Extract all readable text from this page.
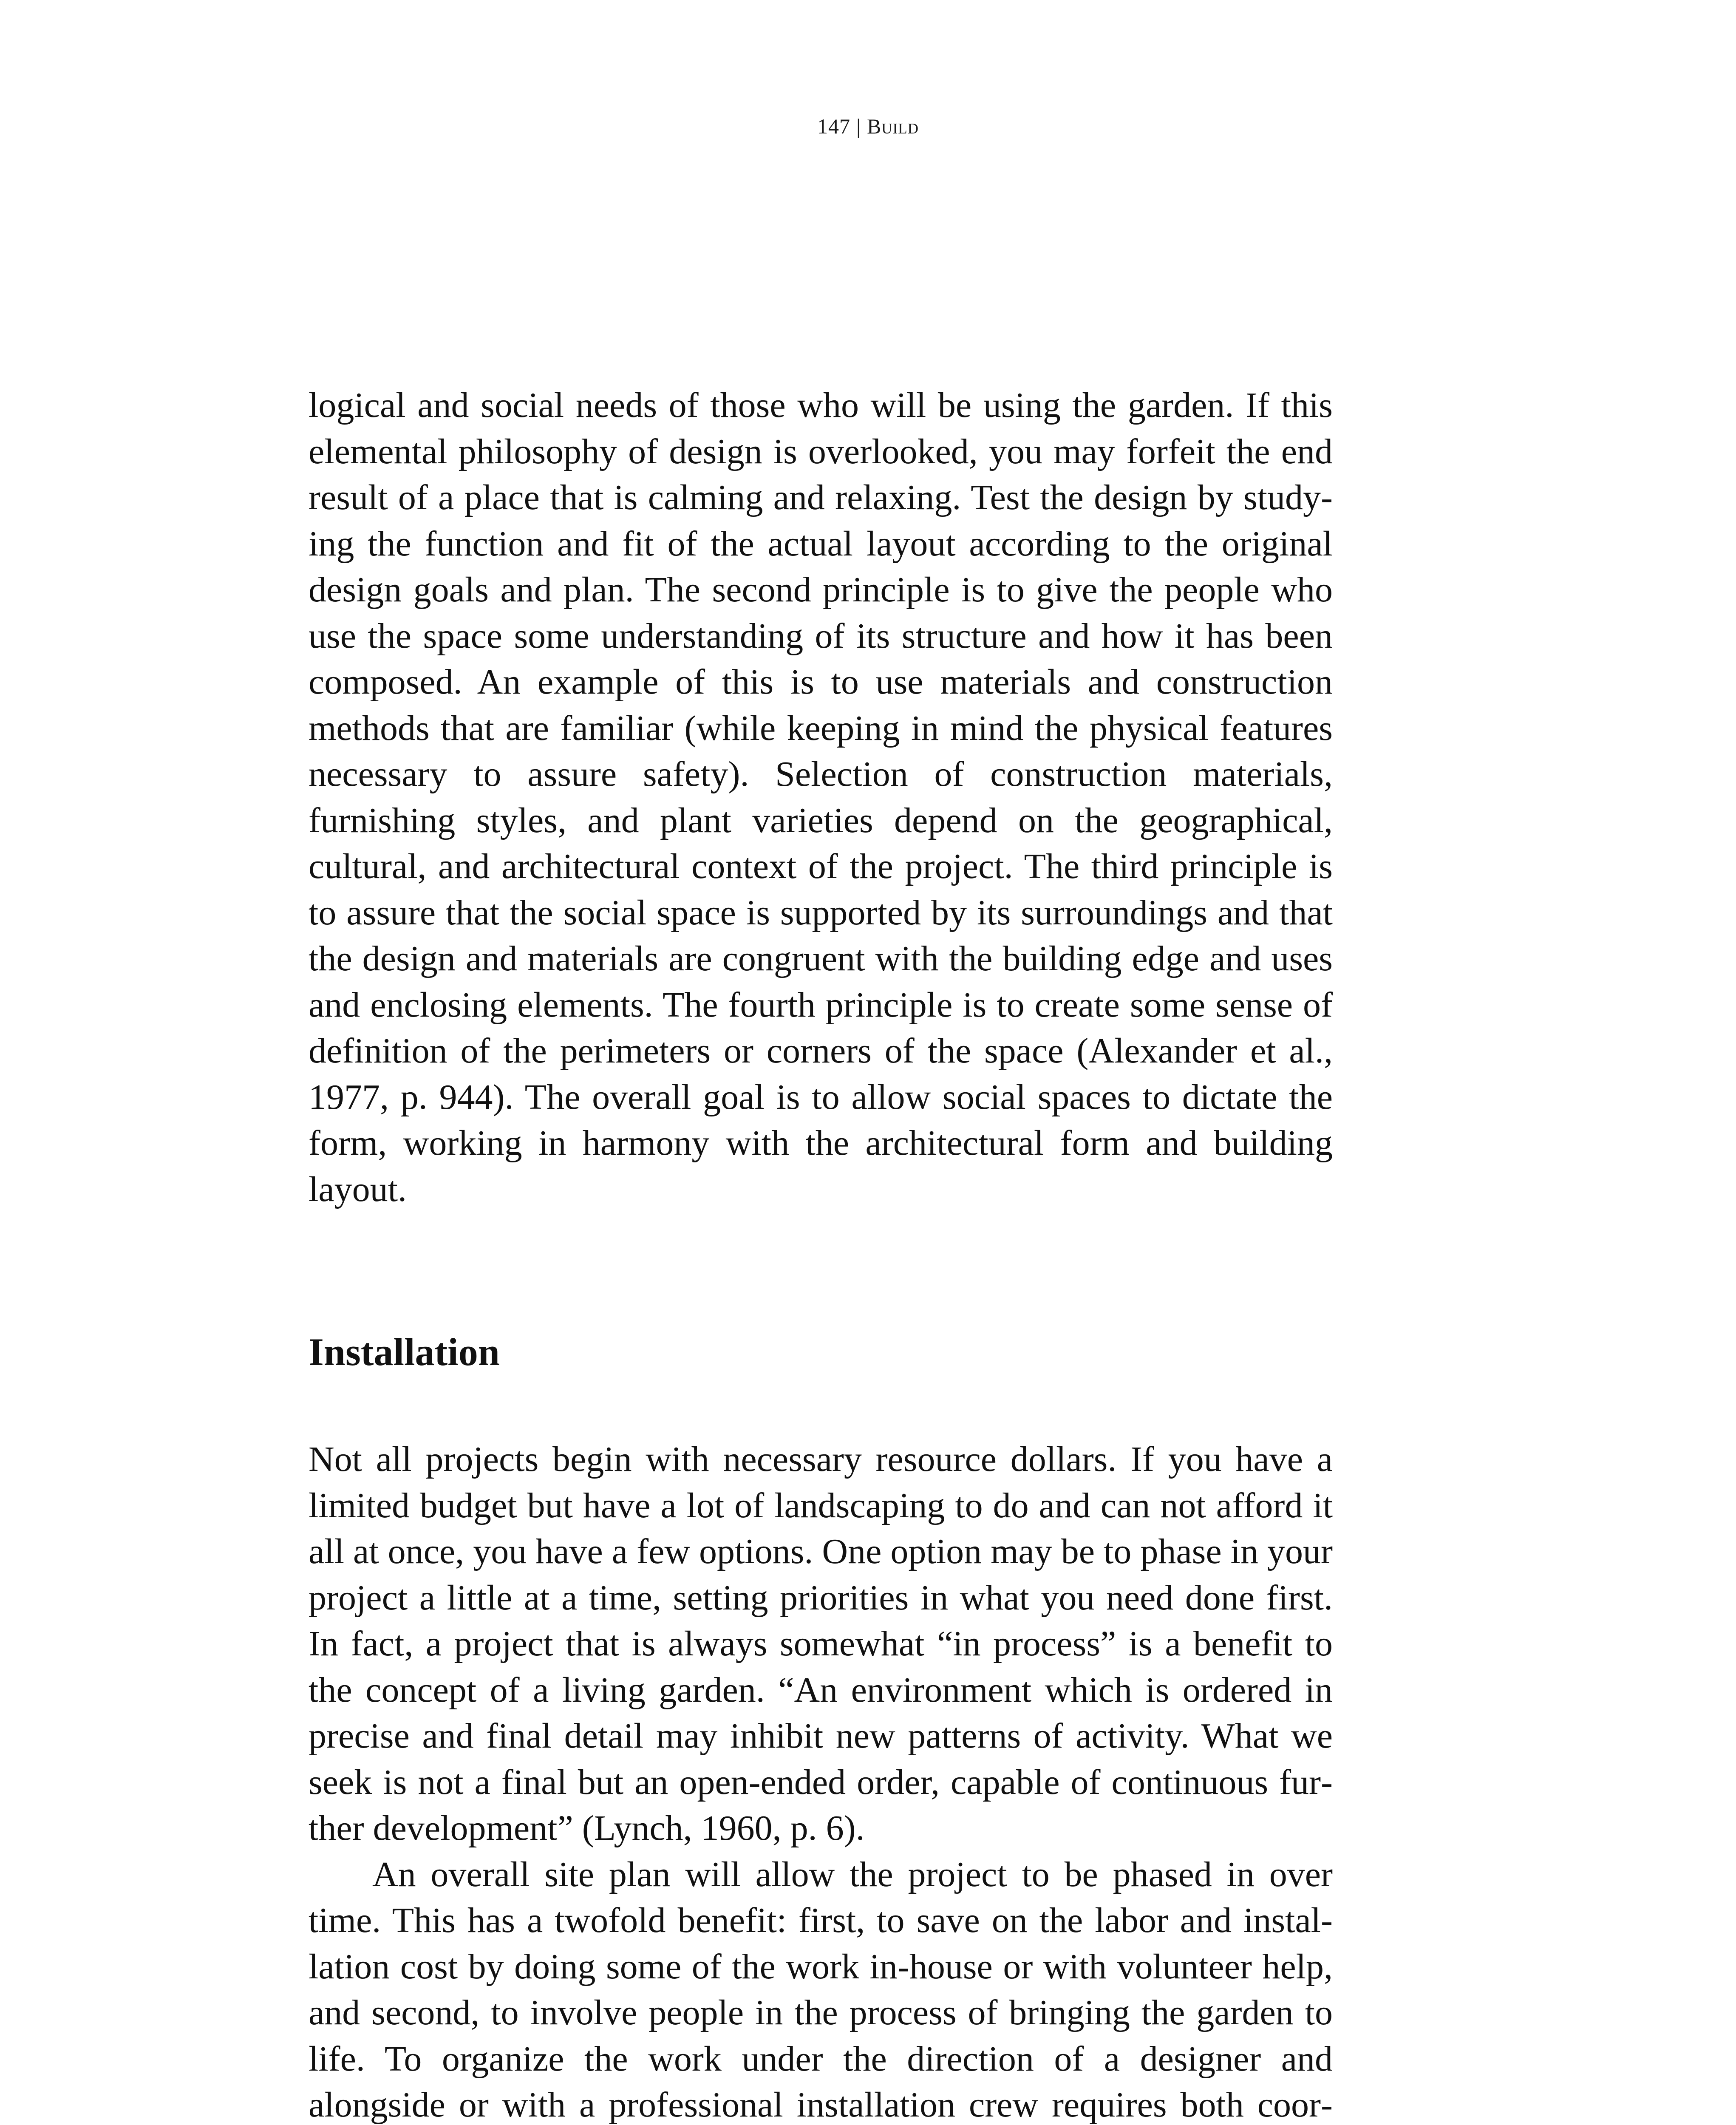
147 | Build

logical and social needs of those who will be using the garden. If this elemental philosophy of design is overlooked, you may forfeit the end result of a place that is calming and relaxing. Test the design by studying the function and fit of the actual layout according to the original design goals and plan. The second principle is to give the people who use the space some understanding of its structure and how it has been composed. An example of this is to use materials and construction methods that are familiar (while keeping in mind the physical features necessary to assure safety). Selection of construction materials, furnishing styles, and plant varieties depend on the geographical, cultural, and architectural context of the project. The third principle is to assure that the social space is supported by its surroundings and that the design and materials are congruent with the building edge and uses and enclosing elements. The fourth principle is to create some sense of definition of the perimeters or corners of the space (Alexander et al., 1977, p. 944). The overall goal is to allow social spaces to dictate the form, working in harmony with the architectural form and building layout.

Installation

Not all projects begin with necessary resource dollars. If you have a limited budget but have a lot of landscaping to do and can not afford it all at once, you have a few options. One option may be to phase in your project a little at a time, setting priorities in what you need done first. In fact, a project that is always somewhat “in process” is a benefit to the concept of a living garden. “An environment which is ordered in precise and final detail may inhibit new patterns of activity. What we seek is not a final but an open-ended order, capable of continuous further development” (Lynch, 1960, p. 6).

An overall site plan will allow the project to be phased in over time. This has a twofold benefit: first, to save on the labor and installation cost by doing some of the work in-house or with volunteer help, and second, to involve people in the process of bringing the garden to life. To organize the work under the direction of a designer and alongside or with a professional installation crew requires both coor
